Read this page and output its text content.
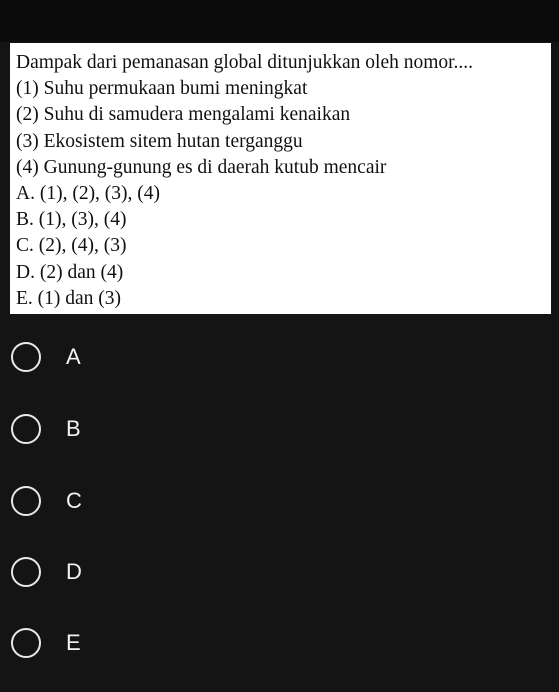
Dampak dari pemanasan global ditunjukkan oleh nomor....
(1) Suhu permukaan bumi meningkat
(2) Suhu di samudera mengalami kenaikan
(3) Ekosistem sitem hutan terganggu
(4) Gunung-gunung es di daerah kutub mencair
A. (1), (2), (3), (4)
B. (1), (3), (4)
C. (2), (4), (3)
D. (2) dan (4)
E. (1) dan (3)
A
B
C
D
E
